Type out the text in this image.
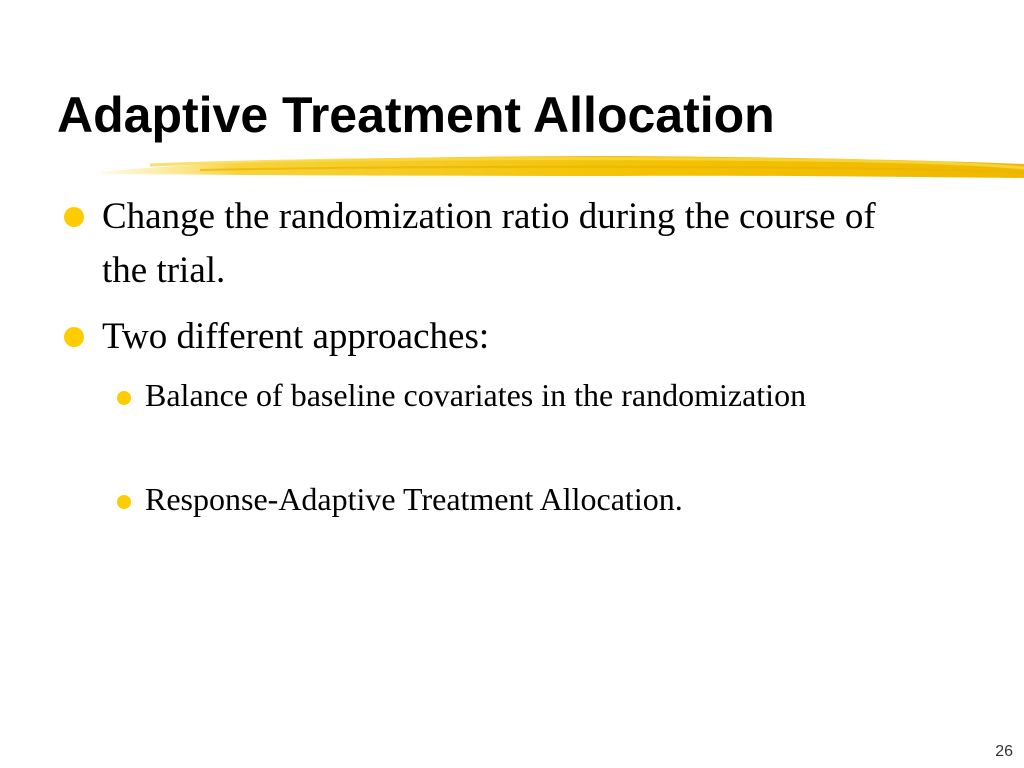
Adaptive Treatment Allocation
Change the randomization ratio during the course of the trial.
Two different approaches:
Balance of baseline covariates in the randomization
Response-Adaptive Treatment Allocation.
26
